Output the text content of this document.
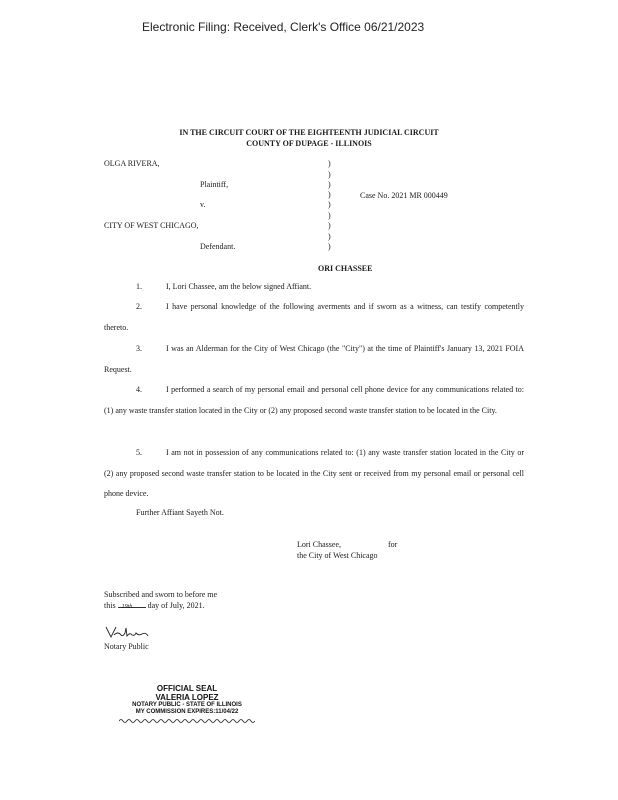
Electronic Filing: Received, Clerk's Office 06/21/2023
IN THE CIRCUIT COURT OF THE EIGHTEENTH JUDICIAL CIRCUIT
COUNTY OF DUPAGE - ILLINOIS
OLGA RIVERA,
Plaintiff,
v.
CITY OF WEST CHICAGO,
Defendant.
Case No. 2021 MR 000449
)
)
)
)
)
)
)
)
)
ORI CHASSEE
1.	I, Lori Chassee, am the below signed Affiant.
2.	I have personal knowledge of the following averments and if sworn as a witness, can testify competently thereto.
3.	I was an Alderman for the City of West Chicago (the "City") at the time of Plaintiff's January 13, 2021 FOIA Request.
4.	I performed a search of my personal email and personal cell phone device for any communications related to: (1) any waste transfer station located in the City or (2) any proposed second waste transfer station to be located in the City.
5.	I am not in possession of any communications related to: (1) any waste transfer station located in the City or (2) any proposed second waste transfer station to be located in the City sent or received from my personal email or personal cell phone device.
Further Affiant Sayeth Not.
Lori Chassee,	for
the City of West Chicago
Subscribed and sworn to before me
this 19th day of July, 2021.
Notary Public
OFFICIAL SEAL
VALERIA LOPEZ
NOTARY PUBLIC - STATE OF ILLINOIS
MY COMMISSION EXPIRES:11/04/22
